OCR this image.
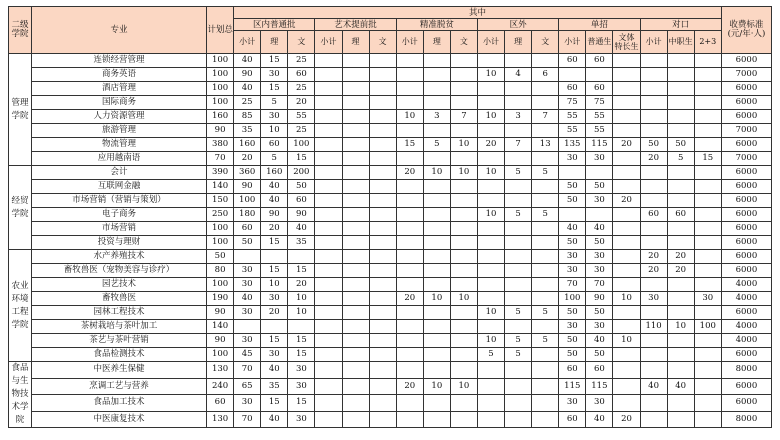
二级 学院	专业	计划总	其中																		收费标准 (元/年·人)
			区内普通批			艺术提前批			精准脱贫			区外			单招			对口			
			小计	理	文	小计	理	文	小计	理	文	小计	理	文	小计	普通生	文体 特长生	小计	中职生	2+3	
管理
学院	连锁经营管理	100	40	15	25										60	60					6000
	商务英语	100	90	30	60							10	4	6							7000
	酒店管理	100	40	15	25										60	60					6000
	国际商务	100	25	5	20										75	75					6000
	人力资源管理	160	85	30	55				10	3	7	10	3	7	55	55					6000
	旅游管理	90	35	10	25										55	55					7000
	物流管理	380	160	60	100				15	5	10	20	7	13	135	115	20	50	50		6000
	应用越南语	70	20	5	15										30	30		20	5	15	7000
经贸
学院	会计	390	360	160	200				20	10	10	10	5	5							6000
	互联网金融	140	90	40	50										50	50					6000
	市场营销（营销与策划）	150	100	40	60										50	30	20				6000
	电子商务	250	180	90	90							10	5	5				60	60		6000
	市场营销	100	60	20	40										40	40					6000
	投资与理财	100	50	15	35										50	50					6000
农业
环境
工程
学院	水产养殖技术	50													30	30		20	20		6000
	畜牧兽医（宠物美容与诊疗）	80	30	15	15										30	30		20	20		6000
	园艺技术	100	30	10	20										70	70					4000
	畜牧兽医	190	40	30	10				20	10	10				100	90	10	30		30	4000
	园林工程技术	90	30	20	10							10	5	5	50	50					6000
	茶树栽培与茶叶加工	140													30	30		110	10	100	4000
	茶艺与茶叶营销	90	30	15	15							10	5	5	50	40	10				4000
	食品检测技术	100	45	30	15							5	5		50	50					6000
食品
与生
物技
术学
院	中医养生保健	130	70	40	30										60	60					8000
	烹调工艺与营养	240	65	35	30				20	10	10				115	115		40	40		6000
	食品加工技术	60	30	15	15										30	30					6000
	中医康复技术	130	70	40	30										60	40	20				8000
